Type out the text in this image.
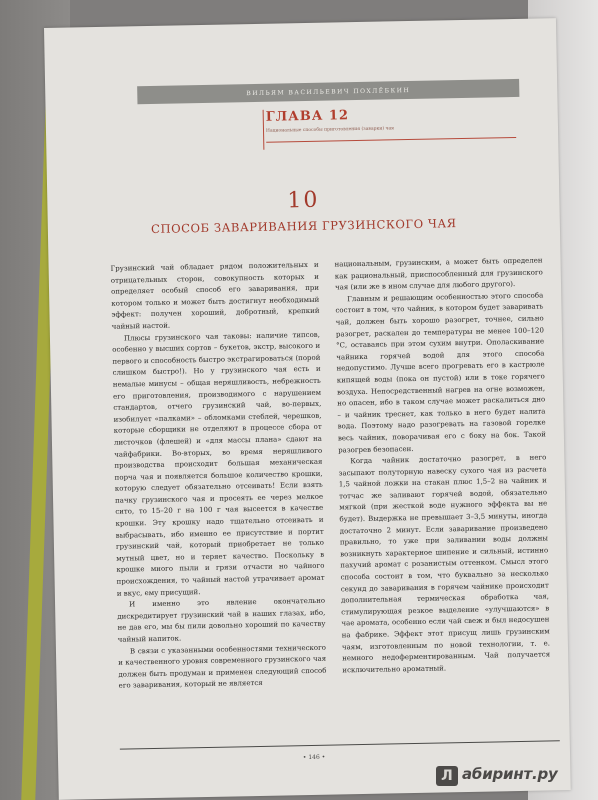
ВИЛЬЯМ ВАСИЛЬЕВИЧ ПОХЛЁБКИН
ГЛАВА 12
Национальные способы приготовления (заварки) чая
10
СПОСОБ ЗАВАРИВАНИЯ ГРУЗИНСКОГО ЧАЯ

Грузинский чай обладает рядом положительных и отрицательных сторон, совокупность которых и определяет особый способ его заваривания, при котором только и может быть достигнут необходимый эффект: получен хороший, добротный, крепкий чайный настой.

Плюсы грузинского чая таковы: наличие типсов, особенно у высших сортов – букетов, экстр, высокого и первого и способность быстро экстрагироваться (порой слишком быстро!). Но у грузинского чая есть и немалые минусы – общая неряшливость, небрежность его приготовления, производимого с нарушением стандартов, отчего грузинский чай, во-первых, изобилует «палками» – обломками стеблей, черешков, которые сборщики не отделяют в процессе сбора от листочков (флешей) и «для массы плана» сдают на чайфабрики. Во-вторых, во время неряшливого производства происходит большая механическая порча чая и появляется большое количество крошки, которую следует обязательно отсеивать! Если взять пачку грузинского чая и просеять ее через мелкое сито, то 15–20 г на 100 г чая высеется в качестве крошки. Эту крошку надо тщательно отсеивать и выбрасывать, ибо именно ее присутствие и портит грузинский чай, который приобретает не только мутный цвет, но и теряет качество. Поскольку в крошке много пыли и грязи отчасти но чайного происхождения, то чайный настой утрачивает аромат и вкус, ему присущий.

И именно это явление окончательно дискредитирует грузинский чай в наших глазах, ибо, не дав его, мы бы пили довольно хороший по качеству чайный напиток.

В связи с указанными особенностями технического и качественного уровня современного грузинского чая должен быть продуман и применен следующий способ его заваривания, который не является

национальным, грузинским, а может быть определен как рациональный, приспособленный для грузинского чая (или же в ином случае для любого другого).

Главным и решающим особенностью этого способа состоит в том, что чайник, в котором будет заваривать чай, должен быть хорошо разогрет, точнее, сильно разогрет, раскален до температуры не менее 100–120 °С, оставаясь при этом сухим внутри. Ополаскивание чайника горячей водой для этого способа недопустимо. Лучше всего прогревать его в кастрюле кипящей воды (пока он пустой) или в токе горячего воздуха. Непосредственный нагрев на огне возможен, но опасен, ибо в таком случае может раскалиться дно – и чайник треснет, как только в него будет налита вода. Поэтому надо разогревать на газовой горелке весь чайник, поворачивая его с боку на бок. Такой разогрев безопасен.

Когда чайник достаточно разогрет, в него засыпают полуторную навеску сухого чая из расчета 1,5 чайной ложки на стакан плюс 1,5–2 на чайник и тотчас же заливают горячей водой, обязательно мягкой (при жесткой воде нужного эффекта вы не будет). Выдержка не превышает 3–3,5 минуты, иногда достаточно 2 минут. Если заваривание произведено правильно, то уже при заливании воды должны возникнуть характерное шипение и сильный, истинно пахучий аромат с розанистым оттенком. Смысл этого способа состоит в том, что буквально за несколько секунд до заваривания в горячем чайнике происходит дополнительная термическая обработка чая, стимулирующая резкое выделение «улучшаются» в чае аромата, особенно если чай свеж и был недосушен на фабрике. Эффект этот присущ лишь грузинским чаям, изготовленным по новой технологии, т. е. немного недоферментированным. Чай получается исключительно ароматный.

• 146 •
Л абиринт.ру
